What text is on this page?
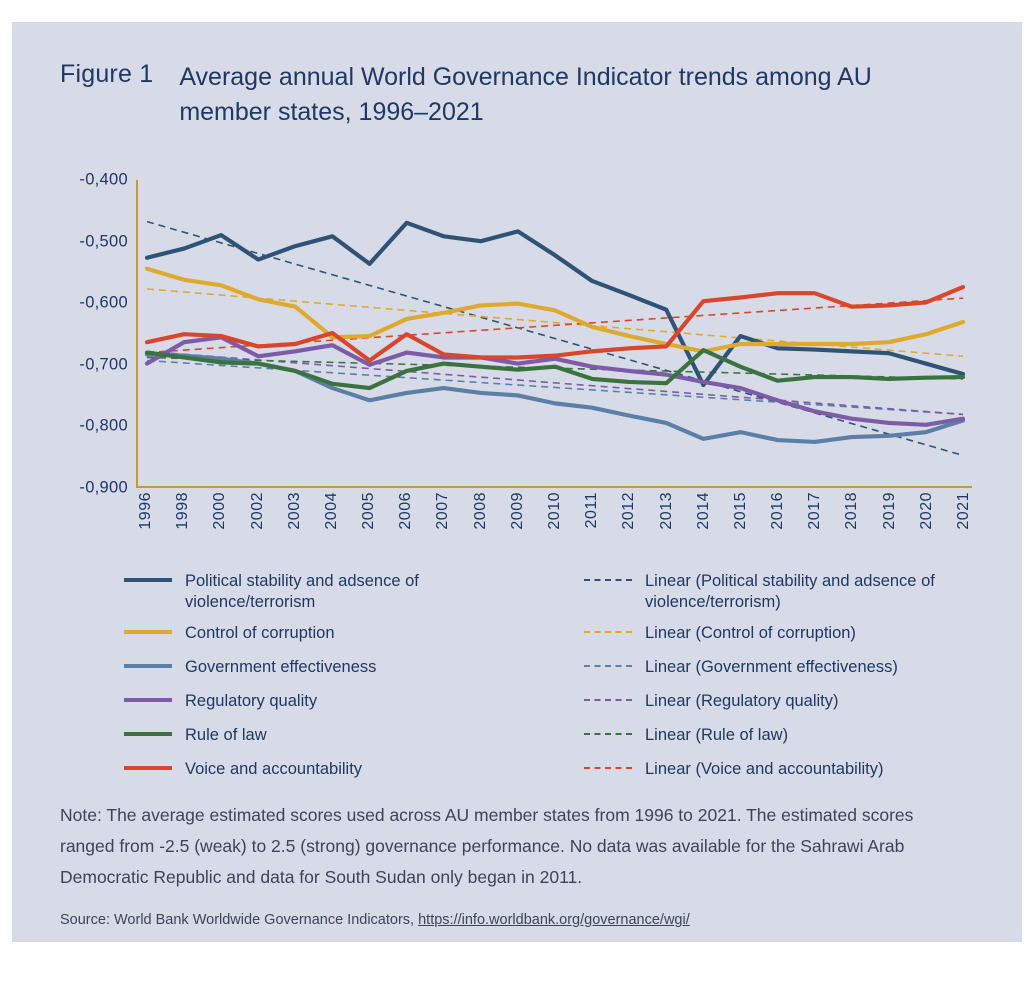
Figure 1	Average annual World Governance Indicator trends among AU member states, 1996–2021
-0,400
-0,500
-0,600
-0,700
-0,800
-0,900
1996 1998 2000 2002 2003 2004 2005 2006 2007 2008 2009 2010 2011 2012 2013 2014 2015 2016 2017 2018 2019 2020 2021
Political stability and adsence of violence/terrorism
Control of corruption
Government effectiveness
Regulatory quality
Rule of law
Voice and accountability
Linear (Political stability and adsence of violence/terrorism)
Linear (Control of corruption)
Linear (Government effectiveness)
Linear (Regulatory quality)
Linear (Rule of law)
Linear (Voice and accountability)
Note: The average estimated scores used across AU member states from 1996 to 2021. The estimated scores ranged from -2.5 (weak) to 2.5 (strong) governance performance. No data was available for the Sahrawi Arab Democratic Republic and data for South Sudan only began in 2011.
Source: World Bank Worldwide Governance Indicators, https://info.worldbank.org/governance/wgi/
